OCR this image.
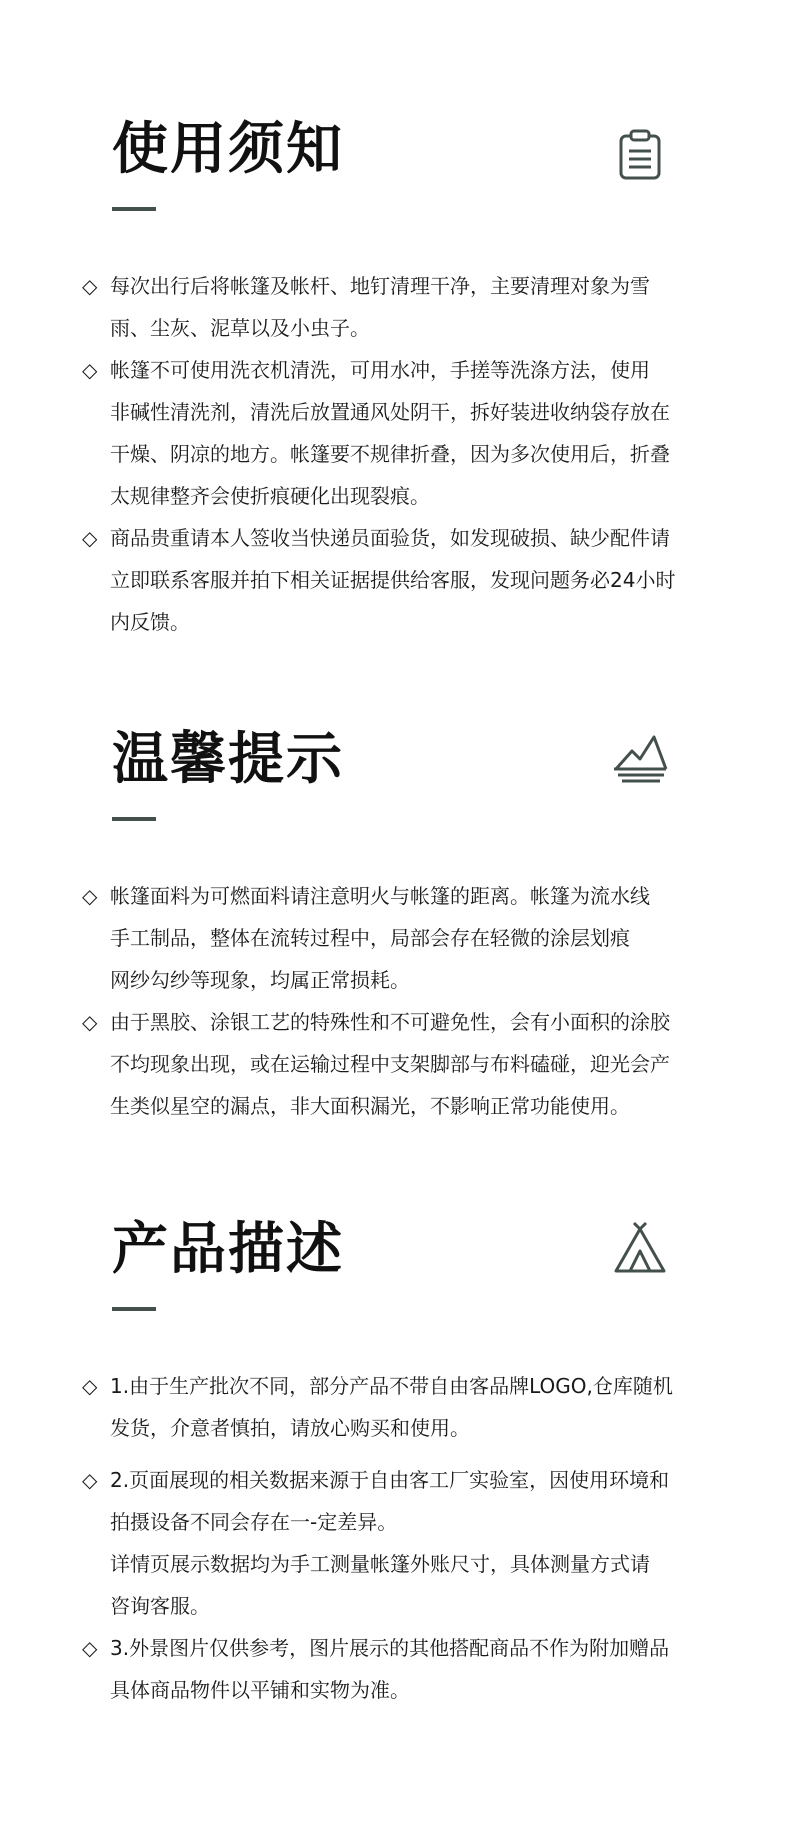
使用须知
◇ 每次出行后将帐篷及帐杆、地钉清理干净，主要清理对象为雪
雨、尘灰、泥草以及小虫子。
◇ 帐篷不可使用洗衣机清洗，可用水冲，手搓等洗涤方法，使用
非碱性清洗剂，清洗后放置通风处阴干，拆好装进收纳袋存放在
干燥、阴凉的地方。帐篷要不规律折叠，因为多次使用后，折叠
太规律整齐会使折痕硬化出现裂痕。
◇ 商品贵重请本人签收当快递员面验货，如发现破损、缺少配件请
立即联系客服并拍下相关证据提供给客服，发现问题务必24小时
内反馈。
温馨提示
◇ 帐篷面料为可燃面料请注意明火与帐篷的距离。帐篷为流水线
手工制品，整体在流转过程中，局部会存在轻微的涂层划痕
网纱勾纱等现象，均属正常损耗。
◇ 由于黑胶、涂银工艺的特殊性和不可避免性，会有小面积的涂胶
不均现象出现，或在运输过程中支架脚部与布料磕碰，迎光会产
生类似星空的漏点，非大面积漏光，不影响正常功能使用。
产品描述
◇ 1.由于生产批次不同，部分产品不带自由客品牌LOGO,仓库随机
发货，介意者慎拍，请放心购买和使用。
◇ 2.页面展现的相关数据来源于自由客工厂实验室，因使用环境和
拍摄设备不同会存在一-定差异。
详情页展示数据均为手工测量帐篷外账尺寸，具体测量方式请
咨询客服。
◇ 3.外景图片仅供参考，图片展示的其他搭配商品不作为附加赠品
具体商品物件以平铺和实物为准。
